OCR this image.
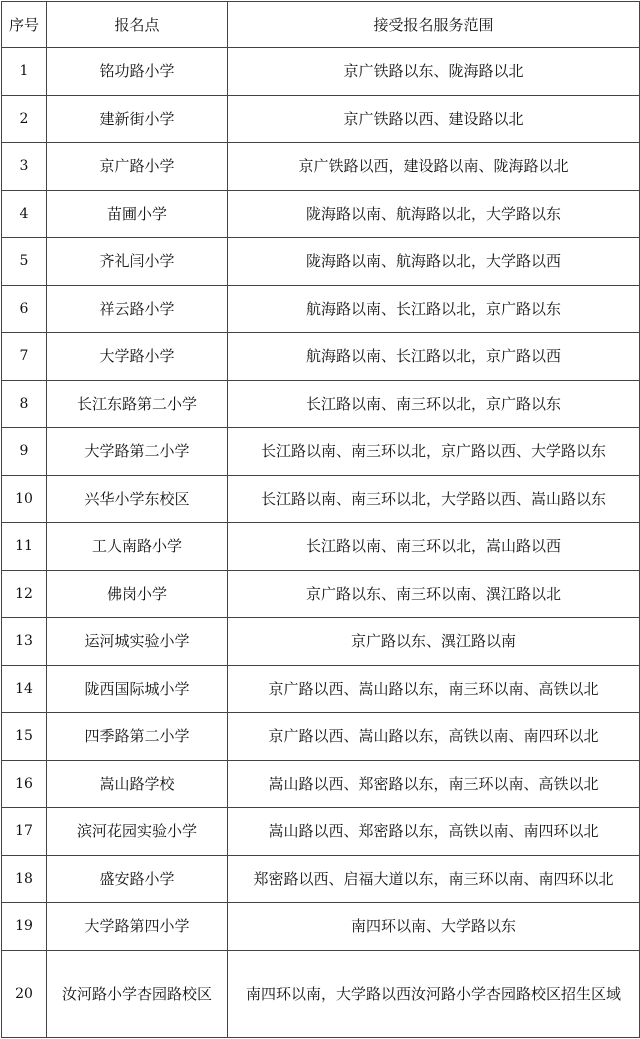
序号	报名点	接受报名服务范围
1	铭功路小学	京广铁路以东、陇海路以北
2	建新街小学	京广铁路以西、建设路以北
3	京广路小学	京广铁路以西，建设路以南、陇海路以北
4	苗圃小学	陇海路以南、航海路以北，大学路以东
5	齐礼闫小学	陇海路以南、航海路以北，大学路以西
6	祥云路小学	航海路以南、长江路以北，京广路以东
7	大学路小学	航海路以南、长江路以北，京广路以西
8	长江东路第二小学	长江路以南、南三环以北，京广路以东
9	大学路第二小学	长江路以南、南三环以北，京广路以西、大学路以东
10	兴华小学东校区	长江路以南、南三环以北，大学路以西、嵩山路以东
11	工人南路小学	长江路以南、南三环以北，嵩山路以西
12	佛岗小学	京广路以东、南三环以南、潩江路以北
13	运河城实验小学	京广路以东、潩江路以南
14	陇西国际城小学	京广路以西、嵩山路以东，南三环以南、高铁以北
15	四季路第二小学	京广路以西、嵩山路以东，高铁以南、南四环以北
16	嵩山路学校	嵩山路以西、郑密路以东，南三环以南、高铁以北
17	滨河花园实验小学	嵩山路以西、郑密路以东，高铁以南、南四环以北
18	盛安路小学	郑密路以西、启福大道以东，南三环以南、南四环以北
19	大学路第四小学	南四环以南、大学路以东
20	汝河路小学杏园路校区	南四环以南，大学路以西汝河路小学杏园路校区招生区域
